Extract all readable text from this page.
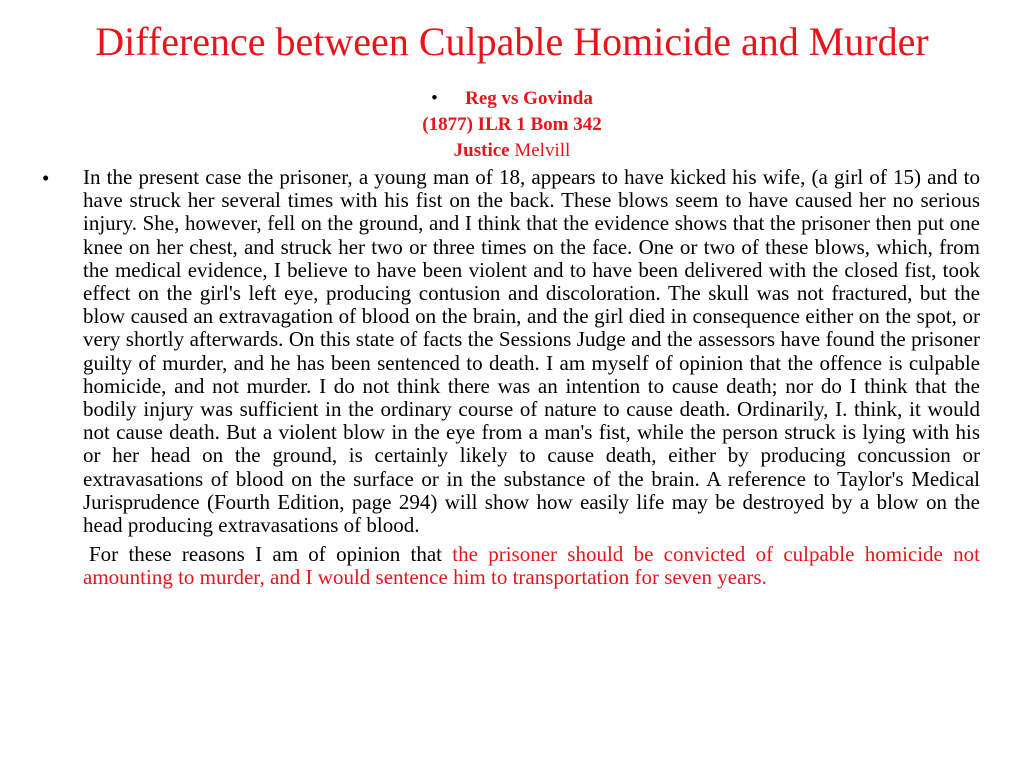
Difference between Culpable Homicide and Murder
• Reg vs Govinda
(1877) ILR 1 Bom 342
Justice Melvill
• In the present case the prisoner, a young man of 18, appears to have kicked his wife, (a girl of 15) and to have struck her several times with his fist on the back. These blows seem to have caused her no serious injury. She, however, fell on the ground, and I think that the evidence shows that the prisoner then put one knee on her chest, and struck her two or three times on the face. One or two of these blows, which, from the medical evidence, I believe to have been violent and to have been delivered with the closed fist, took effect on the girl's left eye, producing contusion and discoloration. The skull was not fractured, but the blow caused an extravagation of blood on the brain, and the girl died in consequence either on the spot, or very shortly afterwards. On this state of facts the Sessions Judge and the assessors have found the prisoner guilty of murder, and he has been sentenced to death. I am myself of opinion that the offence is culpable homicide, and not murder. I do not think there was an intention to cause death; nor do I think that the bodily injury was sufficient in the ordinary course of nature to cause death. Ordinarily, I. think, it would not cause death. But a violent blow in the eye from a man's fist, while the person struck is lying with his or her head on the ground, is certainly likely to cause death, either by producing concussion or extravasations of blood on the surface or in the substance of the brain. A reference to Taylor's Medical Jurisprudence (Fourth Edition, page 294) will show how easily life may be destroyed by a blow on the head producing extravasations of blood.

For these reasons I am of opinion that the prisoner should be convicted of culpable homicide not amounting to murder, and I would sentence him to transportation for seven years.
